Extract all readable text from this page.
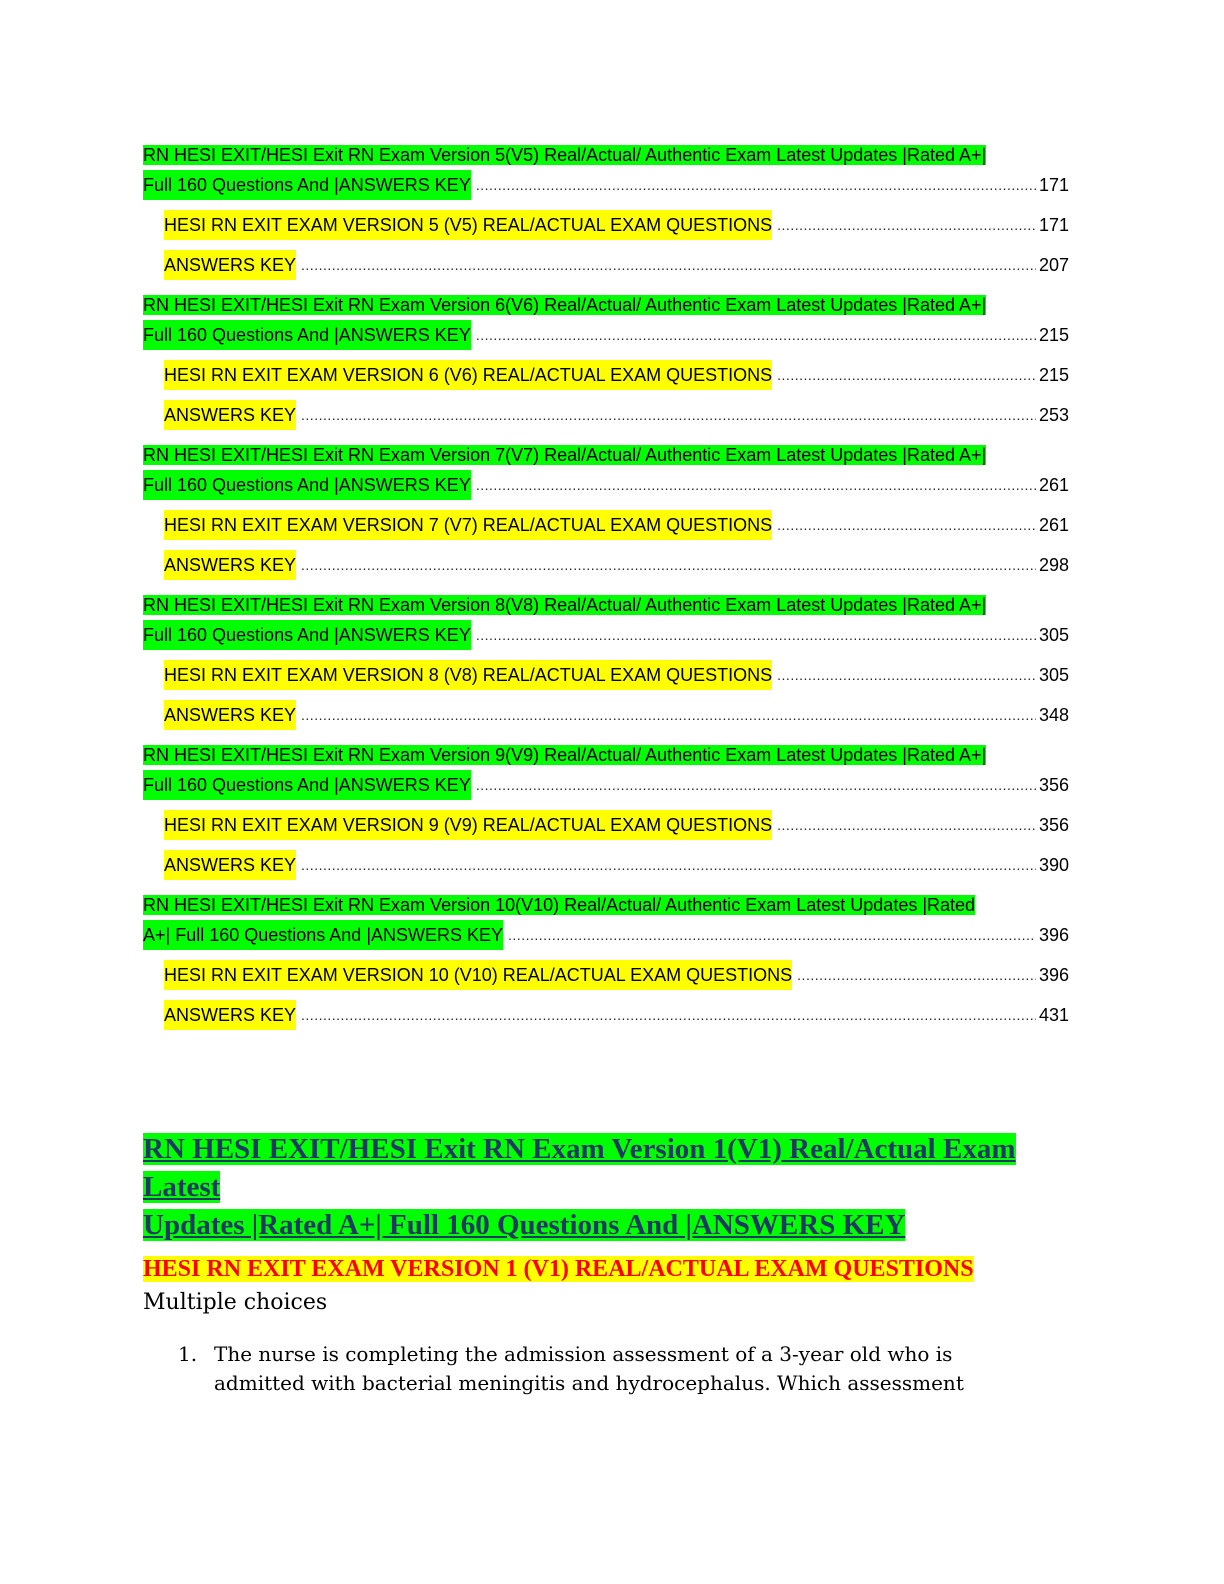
RN HESI EXIT/HESI Exit RN Exam Version 5(V5) Real/Actual/ Authentic Exam Latest Updates |Rated A+|
Full 160 Questions And |ANSWERS KEY .....	171
HESI RN EXIT EXAM VERSION 5 (V5) REAL/ACTUAL EXAM QUESTIONS .....	171
ANSWERS KEY .....	207
RN HESI EXIT/HESI Exit RN Exam Version 6(V6) Real/Actual/ Authentic Exam Latest Updates |Rated A+|
Full 160 Questions And |ANSWERS KEY .....	215
HESI RN EXIT EXAM VERSION 6 (V6) REAL/ACTUAL EXAM QUESTIONS .....	215
ANSWERS KEY .....	253
RN HESI EXIT/HESI Exit RN Exam Version 7(V7) Real/Actual/ Authentic Exam Latest Updates |Rated A+|
Full 160 Questions And |ANSWERS KEY .....	261
HESI RN EXIT EXAM VERSION 7 (V7) REAL/ACTUAL EXAM QUESTIONS .....	261
ANSWERS KEY .....	298
RN HESI EXIT/HESI Exit RN Exam Version 8(V8) Real/Actual/ Authentic Exam Latest Updates |Rated A+|
Full 160 Questions And |ANSWERS KEY .....	305
HESI RN EXIT EXAM VERSION 8 (V8) REAL/ACTUAL EXAM QUESTIONS .....	305
ANSWERS KEY .....	348
RN HESI EXIT/HESI Exit RN Exam Version 9(V9) Real/Actual/ Authentic Exam Latest Updates |Rated A+|
Full 160 Questions And |ANSWERS KEY .....	356
HESI RN EXIT EXAM VERSION 9 (V9) REAL/ACTUAL EXAM QUESTIONS .....	356
ANSWERS KEY .....	390
RN HESI EXIT/HESI Exit RN Exam Version 10(V10) Real/Actual/ Authentic Exam Latest Updates |Rated
A+| Full 160 Questions And |ANSWERS KEY .....	396
HESI RN EXIT EXAM VERSION 10 (V10) REAL/ACTUAL EXAM QUESTIONS .....	396
ANSWERS KEY .....	431
RN HESI EXIT/HESI Exit RN Exam Version 1(V1) Real/Actual Exam Latest
Updates |Rated A+| Full 160 Questions And |ANSWERS KEY
HESI RN EXIT EXAM VERSION 1 (V1) REAL/ACTUAL EXAM QUESTIONS
Multiple choices
1. The nurse is completing the admission assessment of a 3-year old who is admitted with bacterial meningitis and hydrocephalus. Which assessment
